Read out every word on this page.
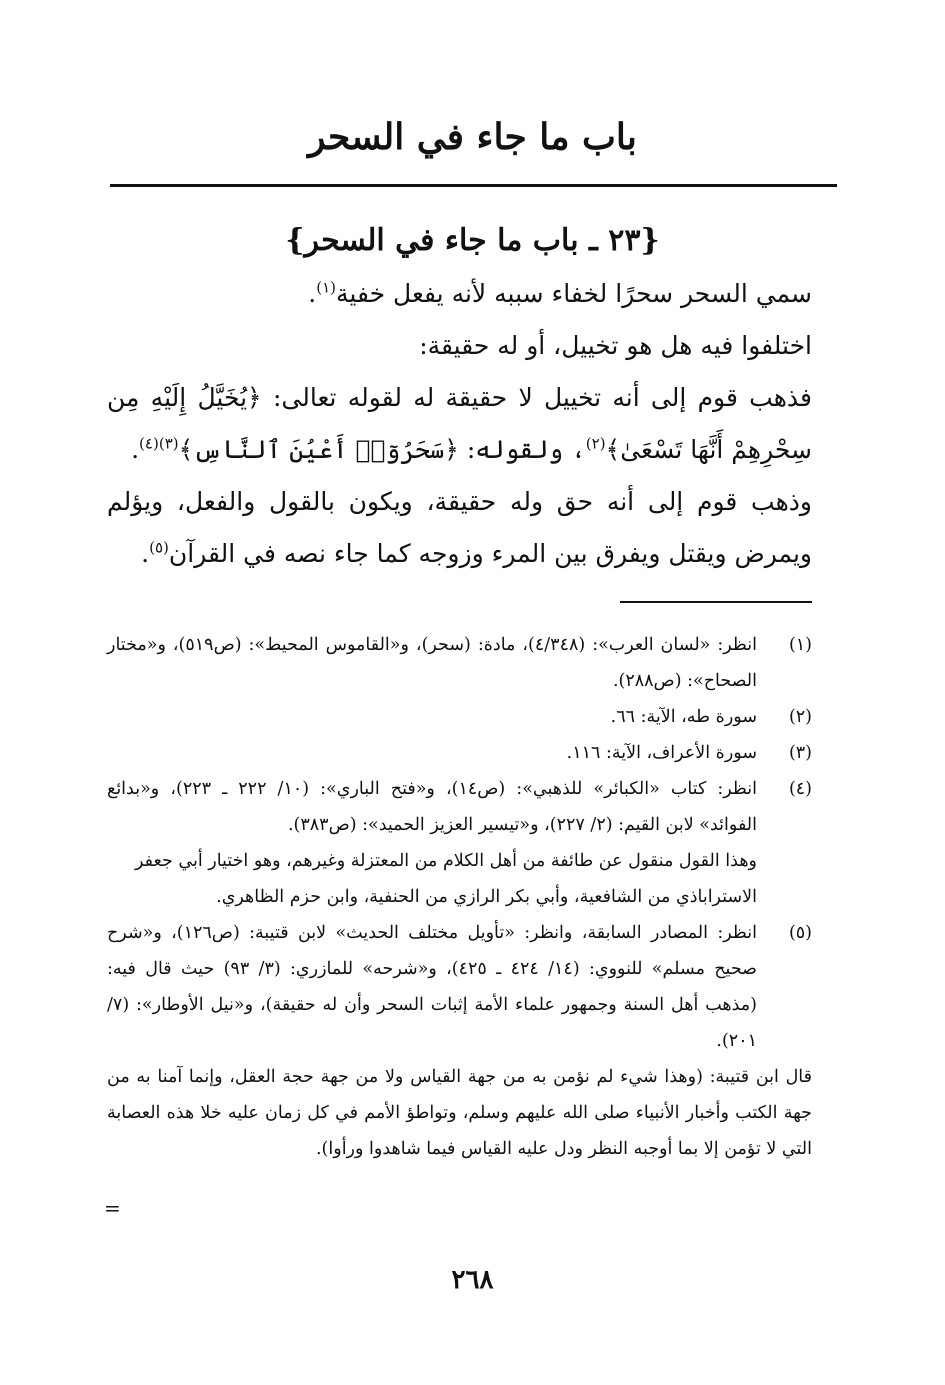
باب ما جاء في السحر
{٢٣ ـ باب ما جاء في السحر}

سمي السحر سحرًا لخفاء سببه لأنه يفعل خفية$^{(١)}$.

اختلفوا فيه هل هو تخييل، أو له حقيقة:

فذهب قوم إلى أنه تخييل لا حقيقة له لقوله تعالى: ﴿يُخَيَّلُ إِلَيْهِ مِن سِحْرِهِمْ أَنَّهَا تَسْعَىٰ﴾$^{(٢)}$، ولقوله: ﴿سَحَرُوٓا۟ أَعْيُنَ ٱلنَّاسِ﴾$^{(٣)(٤)}$.

وذهب قوم إلى أنه حق وله حقيقة، ويكون بالقول والفعل، ويؤلم ويمرض ويقتل ويفرق بين المرء وزوجه كما جاء نصه في القرآن$^{(٥)}$.

(١)
انظر: «لسان العرب»: (٤/٣٤٨)، مادة: (سحر)، و«القاموس المحيط»: (ص٥١٩)، و«مختار الصحاح»: (ص٢٨٨).
(٢)
سورة طه، الآية: ٦٦.
(٣)
سورة الأعراف، الآية: ١١٦.
(٤)
انظر: كتاب «الكبائر» للذهبي»: (ص١٤)، و«فتح الباري»: (١٠/ ٢٢٢ ـ ٢٢٣)، و«بدائع الفوائد» لابن القيم: (٢/ ٢٢٧)، و«تيسير العزيز الحميد»: (ص٣٨٣).
وهذا القول منقول عن طائفة من أهل الكلام من المعتزلة وغيرهم، وهو اختيار أبي جعفر الاستراباذي من الشافعية، وأبي بكر الرازي من الحنفية، وابن حزم الظاهري.
(٥)
انظر: المصادر السابقة، وانظر: «تأويل مختلف الحديث» لابن قتيبة: (ص١٢٦)، و«شرح صحيح مسلم» للنووي: (١٤/ ٤٢٤ ـ ٤٢٥)، و«شرحه» للمازري: (٣/ ٩٣) حيث قال فيه: (مذهب أهل السنة وجمهور علماء الأمة إثبات السحر وأن له حقيقة)، و«نيل الأوطار»: (٧/ ٢٠١).
قال ابن قتيبة: (وهذا شيء لم نؤمن به من جهة القياس ولا من جهة حجة العقل، وإنما آمنا به من جهة الكتب وأخبار الأنبياء صلى الله عليهم وسلم، وتواطؤ الأمم في كل زمان عليه خلا هذه العصابة التي لا تؤمن إلا بما أوجبه النظر ودل عليه القياس فيما شاهدوا ورأوا).
=
٢٦٨
